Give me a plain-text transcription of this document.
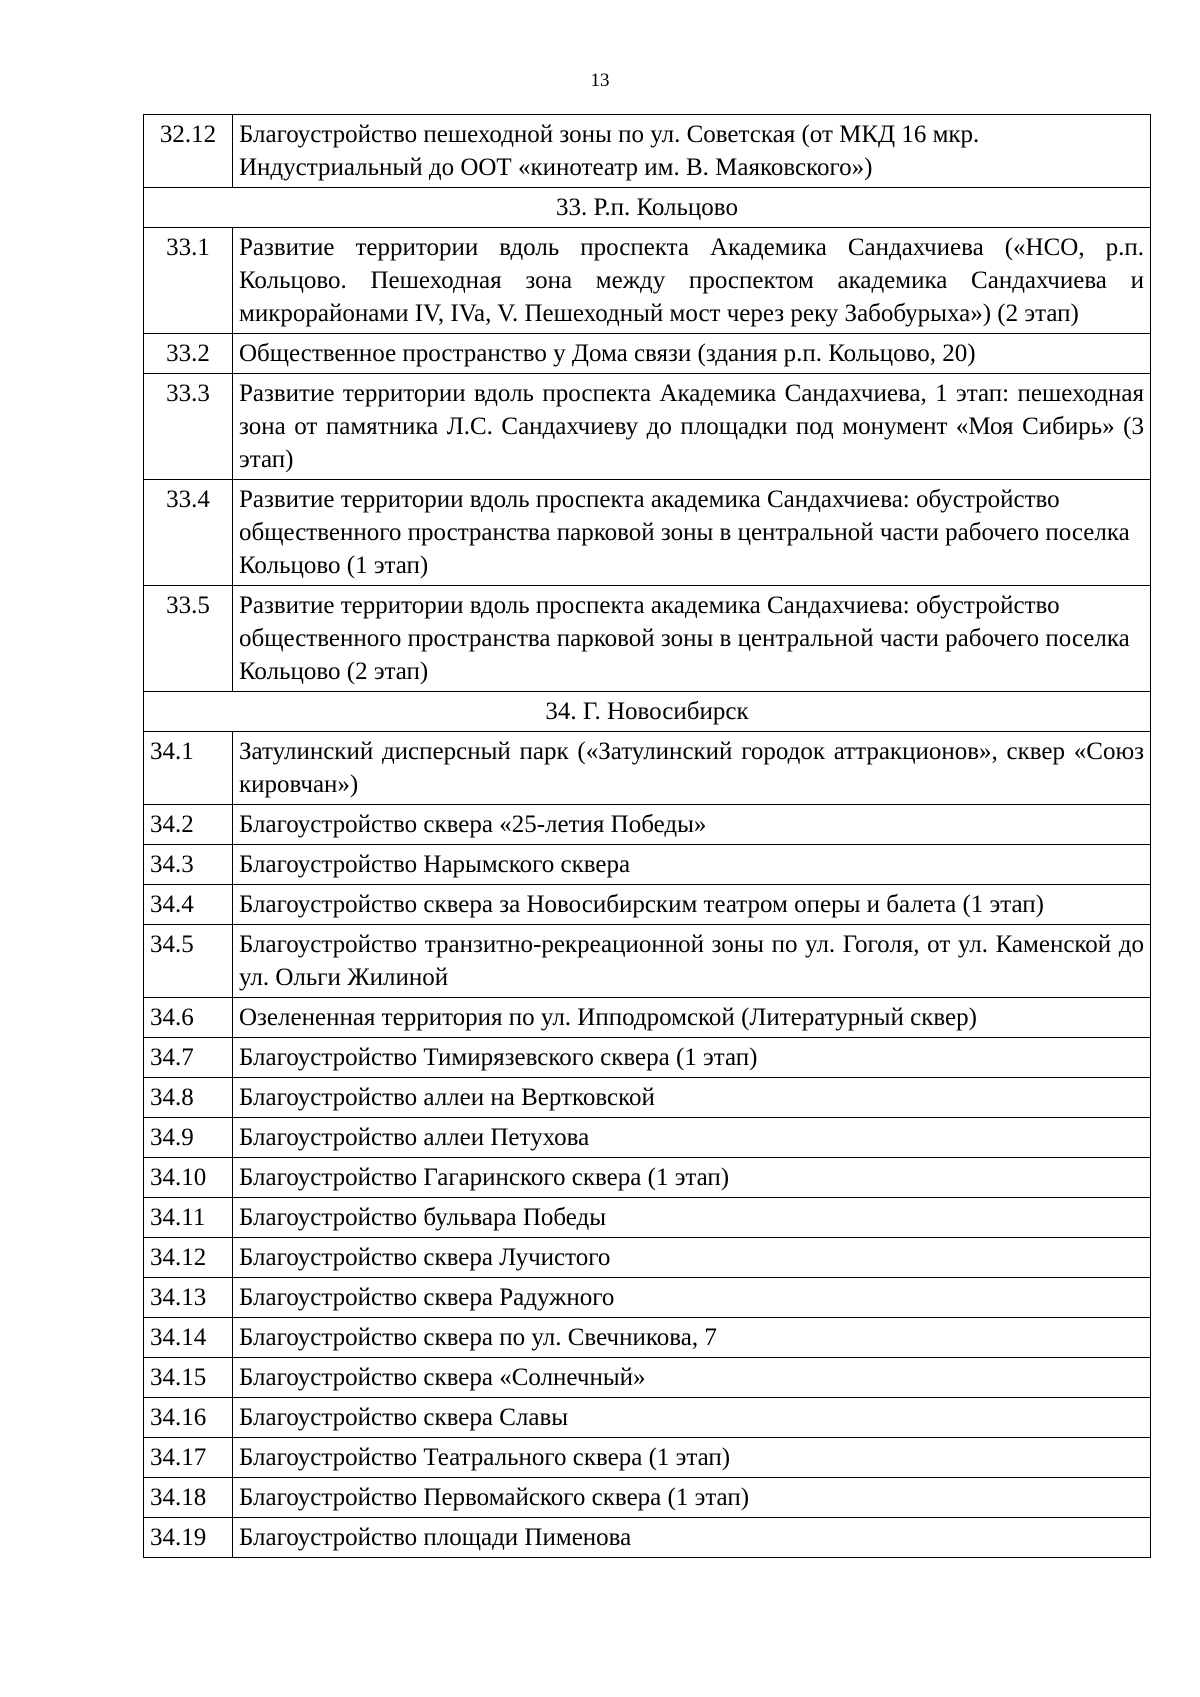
13
32.12	Благоустройство пешеходной зоны по ул. Советская (от МКД 16 мкр. Индустриальный до ООТ «кинотеатр им. В. Маяковского»)
33. Р.п. Кольцово	
33.1	Развитие территории вдоль проспекта Академика Сандахчиева («НСО, р.п. Кольцово. Пешеходная зона между проспектом академика Сандахчиева и микрорайонами IV, IVa, V. Пешеходный мост через реку Забобурыха») (2 этап)
33.2	Общественное пространство у Дома связи (здания р.п. Кольцово, 20)
33.3	Развитие территории вдоль проспекта Академика Сандахчиева, 1 этап: пешеходная зона от памятника Л.С. Сандахчиеву до площадки под монумент «Моя Сибирь» (3 этап)
33.4	Развитие территории вдоль проспекта академика Сандахчиева: обустройство общественного пространства парковой зоны в центральной части рабочего поселка Кольцово (1 этап)
33.5	Развитие территории вдоль проспекта академика Сандахчиева: обустройство общественного пространства парковой зоны в центральной части рабочего поселка Кольцово (2 этап)
34. Г. Новосибирск	
34.1	Затулинский дисперсный парк («Затулинский городок аттракционов», сквер «Союз кировчан»)
34.2	Благоустройство сквера «25-летия Победы»
34.3	Благоустройство Нарымского сквера
34.4	Благоустройство сквера за Новосибирским театром оперы и балета (1 этап)
34.5	Благоустройство транзитно-рекреационной зоны по ул. Гоголя, от ул. Каменской до ул. Ольги Жилиной
34.6	Озелененная территория по ул. Ипподромской (Литературный сквер)
34.7	Благоустройство Тимирязевского сквера (1 этап)
34.8	Благоустройство аллеи на Вертковской
34.9	Благоустройство аллеи Петухова
34.10	Благоустройство Гагаринского сквера (1 этап)
34.11	Благоустройство бульвара Победы
34.12	Благоустройство сквера Лучистого
34.13	Благоустройство сквера Радужного
34.14	Благоустройство сквера по ул. Свечникова, 7
34.15	Благоустройство сквера «Солнечный»
34.16	Благоустройство сквера Славы
34.17	Благоустройство Театрального сквера (1 этап)
34.18	Благоустройство Первомайского сквера (1 этап)
34.19	Благоустройство площади Пименова
